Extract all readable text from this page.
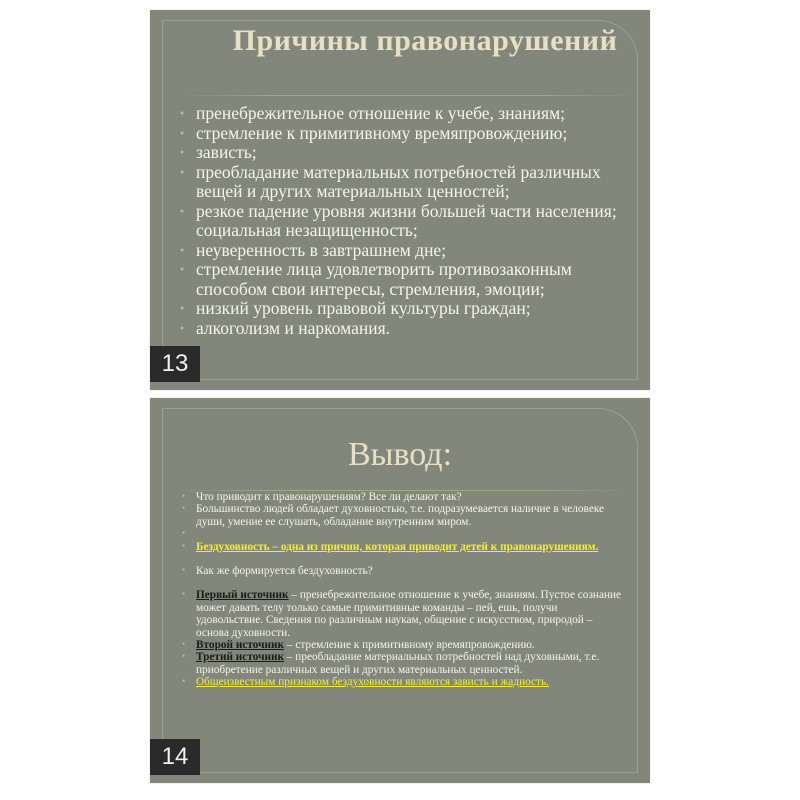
Причины правонарушений
● пренебрежительное отношение к учебе, знаниям;
● стремление к примитивному времяпровождению;
● зависть;
● преобладание материальных потребностей различных вещей и других материальных ценностей;
● резкое падение уровня жизни большей части населения; социальная незащищенность;
● неуверенность в завтрашнем дне;
● стремление лица удовлетворить противозаконным способом свои интересы, стремления, эмоции;
● низкий уровень правовой культуры граждан;
● алкоголизм и наркомания.
13
Вывод:
● Что приводит к правонарушениям? Все ли делают так?
● Большинство людей обладает духовностью, т.е. подразумевается наличие в человеке души, умение ее слушать, обладание внутренним миром.
●
● Бездуховность – одна из причин, которая приводит детей к правонарушениям.
● Как же формируется бездуховность?
● Первый источник – пренебрежительное отношение к учебе, знаниям. Пустое сознание может давать телу только самые примитивные команды – пей, ешь, получи удовольствие. Сведения по различным наукам, общение с искусством, природой – основа духовности.
● Второй источник – стремление к примитивному времяпровождению.
● Третий источник – преобладание материальных потребностей над духовными, т.е. приобретение различных вещей и других материальных ценностей.
● Общеизвестным признаком бездуховности являются зависть и жадность.
14
